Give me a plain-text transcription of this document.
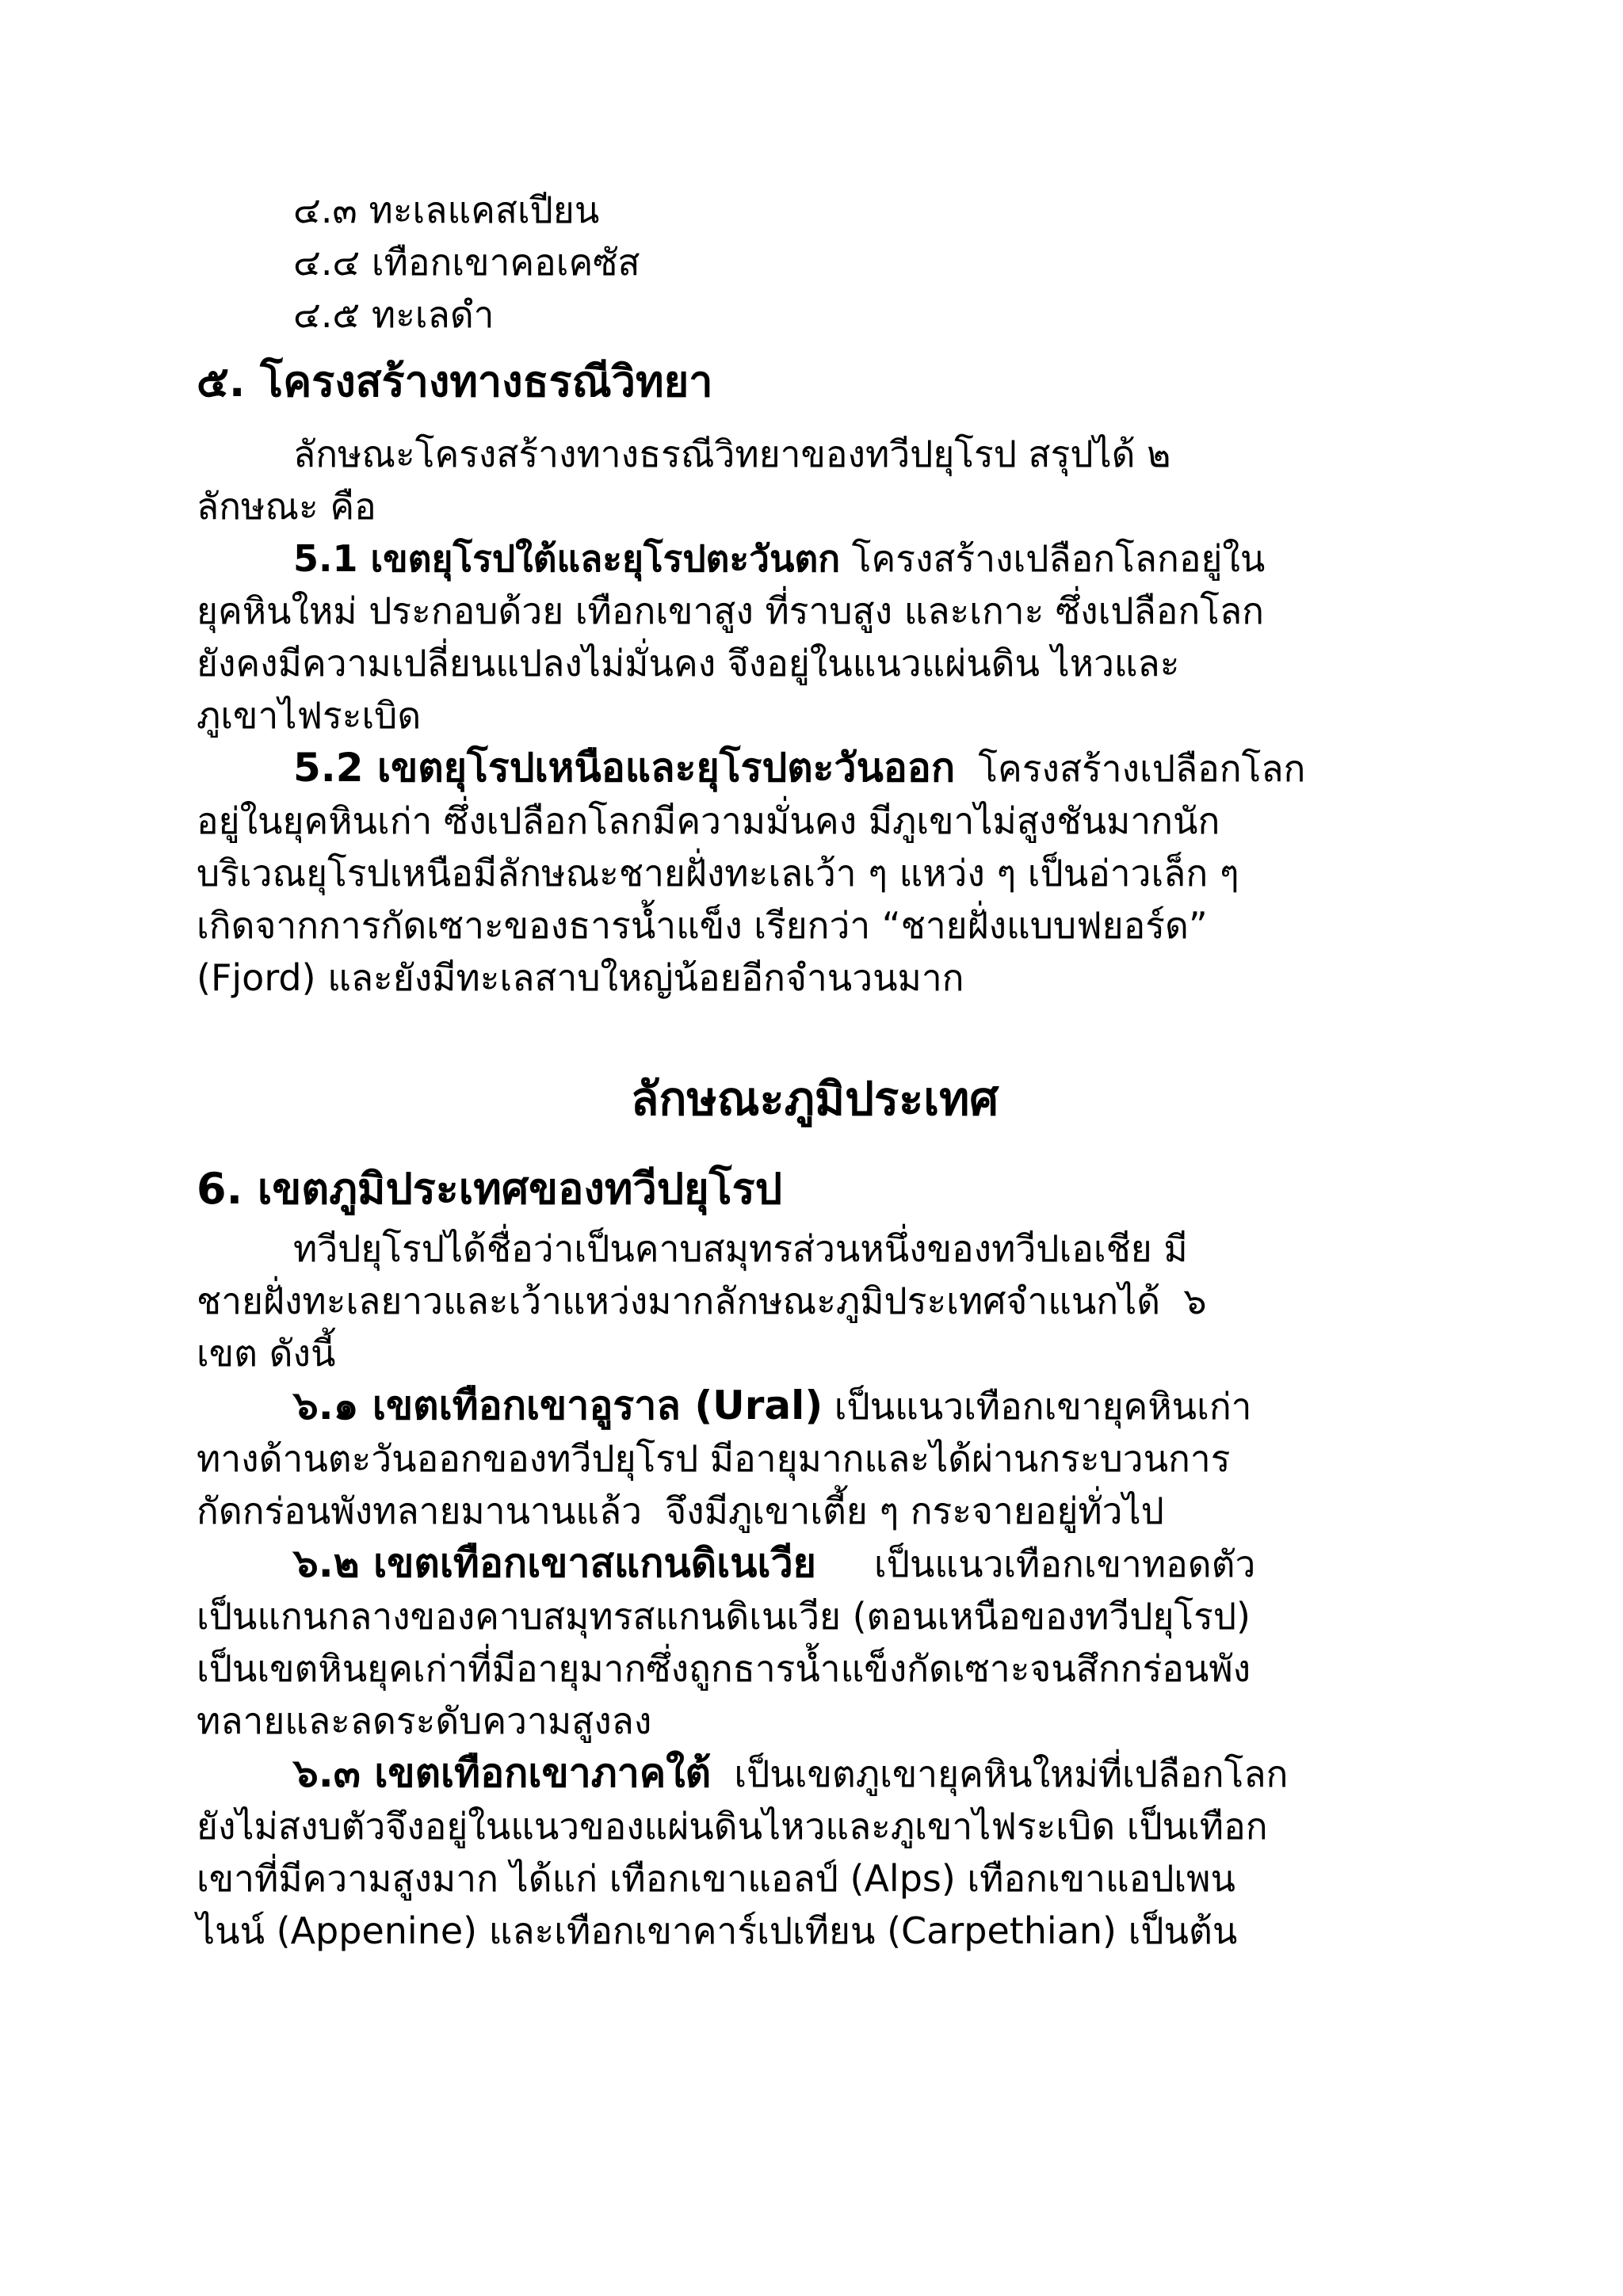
๔.๓ ทะเลแคสเปียน

๔.๔ เทือกเขาคอเคซัส

๔.๕ ทะเลดำ

๕. โครงสร้างทางธรณีวิทยา

ลักษณะโครงสร้างทางธรณีวิทยาของทวีปยุโรป สรุปได้ ๒

ลักษณะ คือ

5.1 เขตยุโรปใต้และยุโรปตะวันตก โครงสร้างเปลือกโลกอยู่ใน

ยุคหินใหม่ ประกอบด้วย เทือกเขาสูง ที่ราบสูง และเกาะ ซึ่งเปลือกโลก

ยังคงมีความเปลี่ยนแปลงไม่มั่นคง จึงอยู่ในแนวแผ่นดิน ไหวและ

ภูเขาไฟระเบิด

5.2 เขตยุโรปเหนือและยุโรปตะวันออก  โครงสร้างเปลือกโลก

อยู่ในยุคหินเก่า ซึ่งเปลือกโลกมีความมั่นคง มีภูเขาไม่สูงชันมากนัก

บริเวณยุโรปเหนือมีลักษณะชายฝั่งทะเลเว้า ๆ แหว่ง ๆ เป็นอ่าวเล็ก ๆ

เกิดจากการกัดเซาะของธารน้ำแข็ง เรียกว่า “ชายฝั่งแบบฟยอร์ด”

(Fjord) และยังมีทะเลสาบใหญ่น้อยอีกจำนวนมาก

ลักษณะภูมิประเทศ

6. เขตภูมิประเทศของทวีปยุโรป

ทวีปยุโรปได้ชื่อว่าเป็นคาบสมุทรส่วนหนึ่งของทวีปเอเชีย มี

ชายฝั่งทะเลยาวและเว้าแหว่งมากลักษณะภูมิประเทศจำแนกได้  ๖

เขต ดังนี้

๖.๑ เขตเทือกเขาอูราล (Ural) เป็นแนวเทือกเขายุคหินเก่า

ทางด้านตะวันออกของทวีปยุโรป มีอายุมากและได้ผ่านกระบวนการ

กัดกร่อนพังทลายมานานแล้ว  จึงมีภูเขาเตี้ย ๆ กระจายอยู่ทั่วไป

๖.๒ เขตเทือกเขาสแกนดิเนเวีย     เป็นแนวเทือกเขาทอดตัว

เป็นแกนกลางของคาบสมุทรสแกนดิเนเวีย (ตอนเหนือของทวีปยุโรป)

เป็นเขตหินยุคเก่าที่มีอายุมากซึ่งถูกธารน้ำแข็งกัดเซาะจนสึกกร่อนพัง

ทลายและลดระดับความสูงลง

๖.๓ เขตเทือกเขาภาคใต้  เป็นเขตภูเขายุคหินใหม่ที่เปลือกโลก

ยังไม่สงบตัวจึงอยู่ในแนวของแผ่นดินไหวและภูเขาไฟระเบิด เป็นเทือก

เขาที่มีความสูงมาก ได้แก่ เทือกเขาแอลป์ (Alps) เทือกเขาแอปเพน

ไนน์ (Appenine) และเทือกเขาคาร์เปเทียน (Carpethian) เป็นต้น
